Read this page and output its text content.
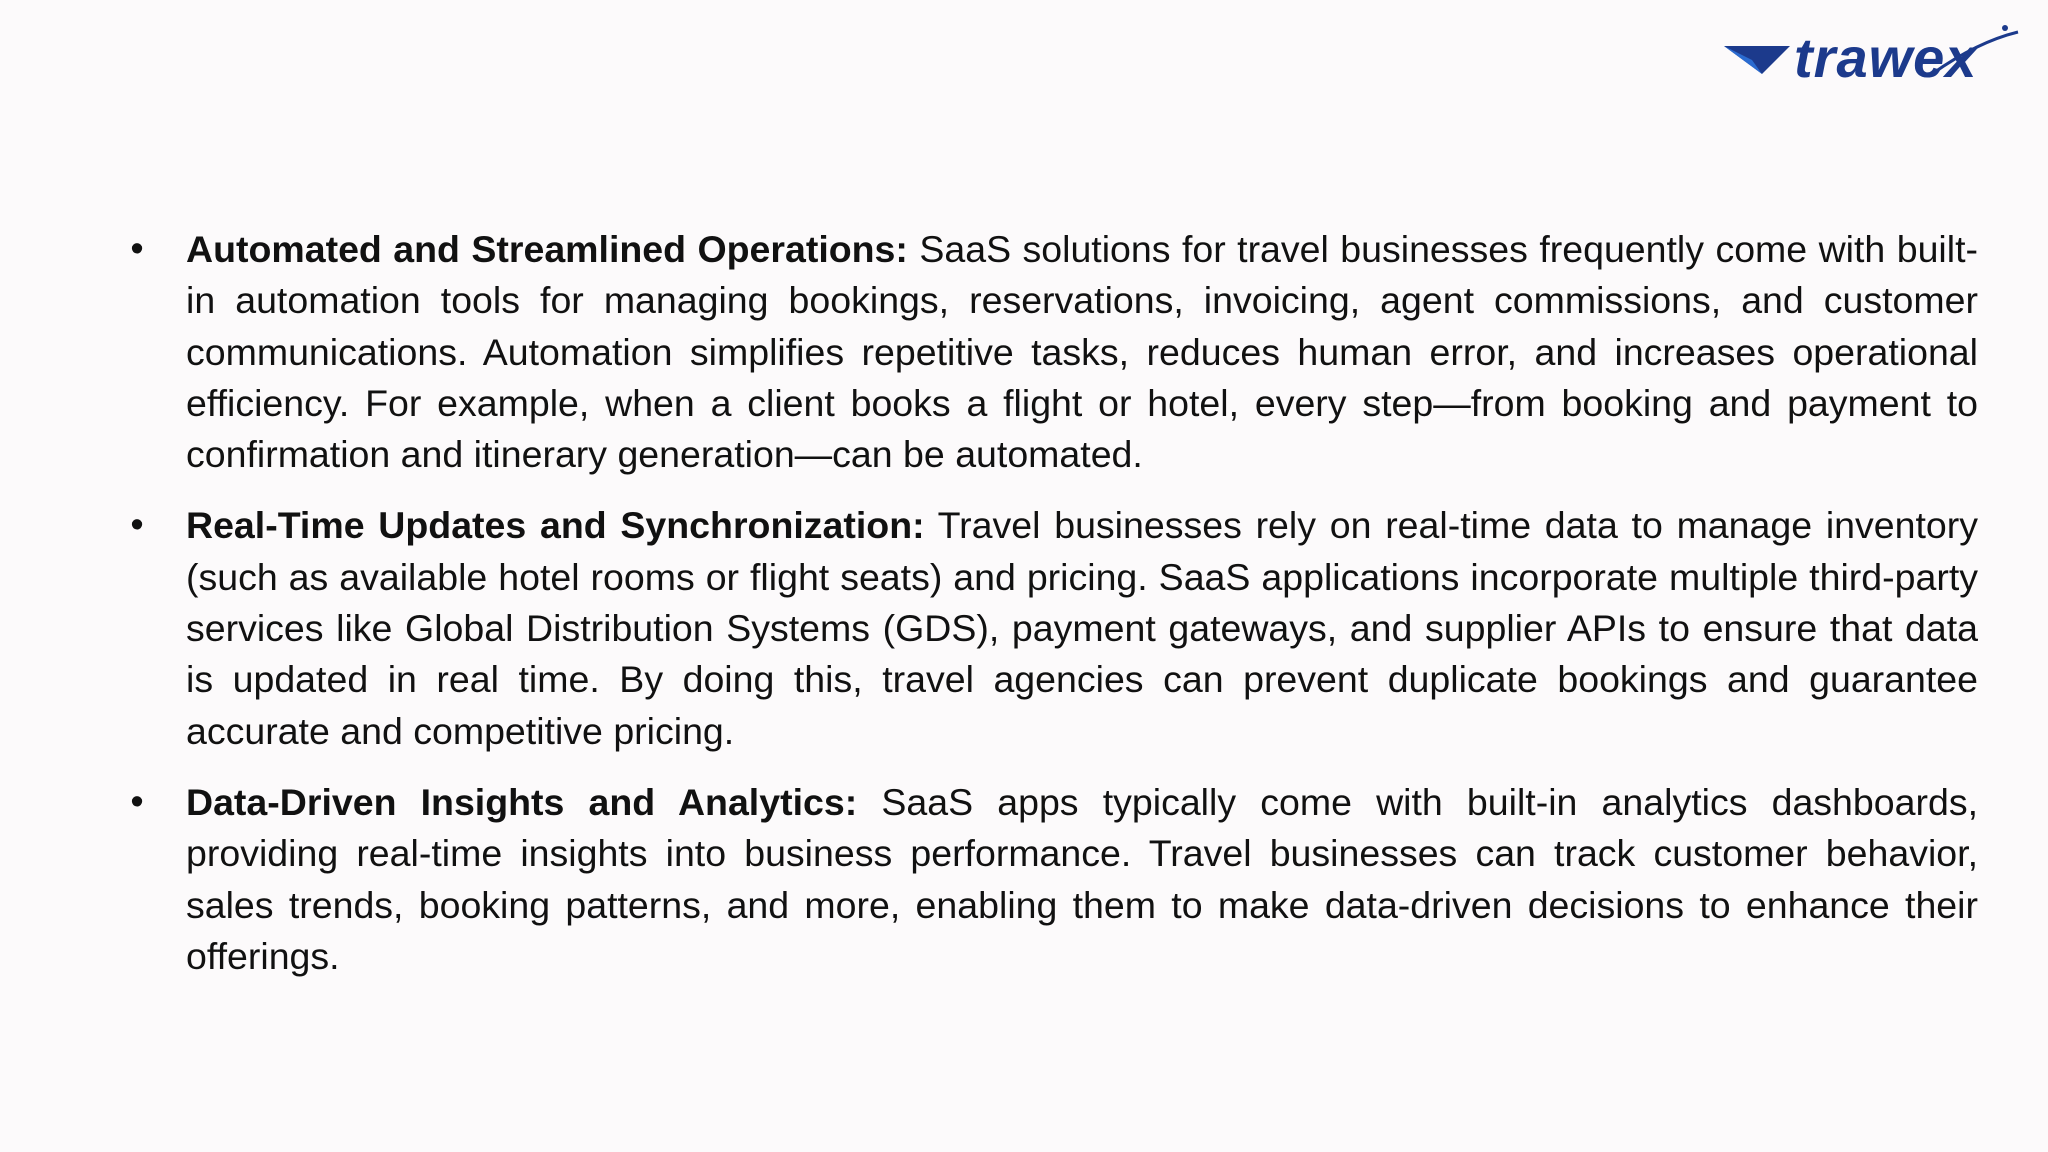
trawex
• Automated and Streamlined Operations: SaaS solutions for travel businesses frequently come with built-in automation tools for managing bookings, reservations, invoicing, agent commissions, and customer communications. Automation simplifies repetitive tasks, reduces human error, and increases operational efficiency. For example, when a client books a flight or hotel, every step—from booking and payment to confirmation and itinerary generation—can be automated.

• Real-Time Updates and Synchronization: Travel businesses rely on real-time data to manage inventory (such as available hotel rooms or flight seats) and pricing. SaaS applications incorporate multiple third-party services like Global Distribution Systems (GDS), payment gateways, and supplier APIs to ensure that data is updated in real time. By doing this, travel agencies can prevent duplicate bookings and guarantee accurate and competitive pricing.

• Data-Driven Insights and Analytics: SaaS apps typically come with built-in analytics dashboards, providing real-time insights into business performance. Travel businesses can track customer behavior, sales trends, booking patterns, and more, enabling them to make data-driven decisions to enhance their offerings.
